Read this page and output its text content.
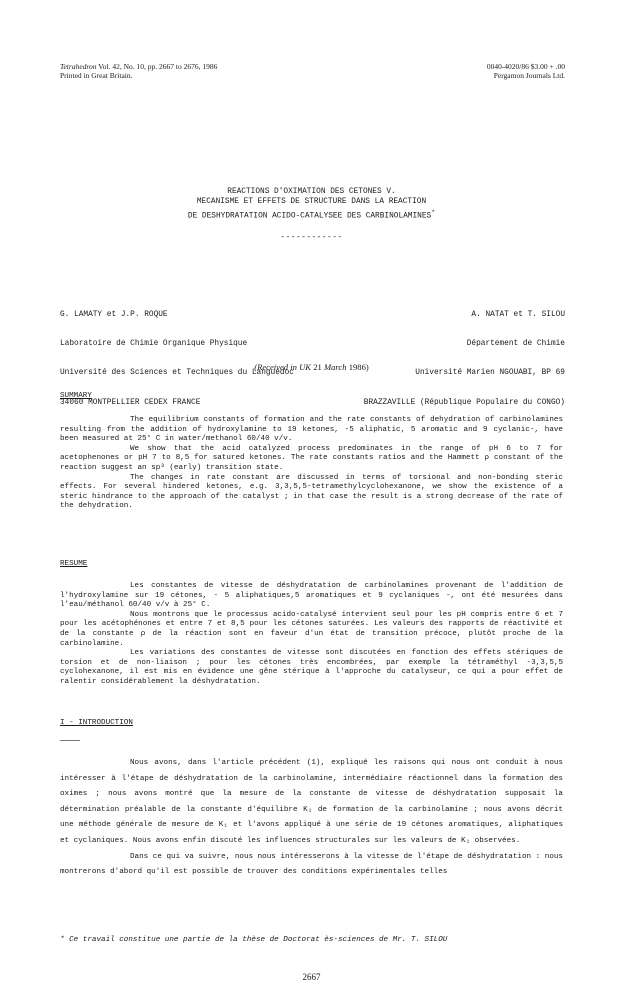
Tetrahedron Vol. 42, No. 10, pp. 2667 to 2676, 1986
Printed in Great Britain.
0040-4020/86 $3.00 + .00
Pergamon Journals Ltd.
REACTIONS D'OXIMATION DES CETONES V.
MECANISME ET EFFETS DE STRUCTURE DANS LA REACTION
DE DESHYDRATATION ACIDO-CATALYSEE DES CARBINOLAMINES*
------------

G. LAMATY et J.P. ROQUE

Laboratoire de Chimie Organique Physique

Université des Sciences et Techniques du Languedoc

34060 MONTPELLIER CEDEX FRANCE

A. NATAT et T. SILOU

Département de Chimie

Université Marien NGOUABI, BP 69

BRAZZAVILLE (République Populaire du CONGO)

(Received in UK 21 March 1986)
SUMMARY

The equilibrium constants of formation and the rate constants of dehydration of carbinolamines resulting from the addition of hydroxylamine to 19 ketones, -5 aliphatic, 5 aromatic and 9 cyclanic-, have been measured at 25° C in water/methanol 60/40 v/v.

We show that the acid catalyzed process predominates in the range of pH 6 to 7 for acetophenones or pH 7 to 8,5 for satured ketones. The rate constants ratios and the Hammett ρ constant of the reaction suggest an sp³ (early) transition state.

The changes in rate constant are discussed in terms of torsional and non-bonding steric effects. For several hindered ketones, e.g. 3,3,5,5-tetramethylcyclohexanone, we show the existence of a steric hindrance to the approach of the catalyst ; in that case the result is a strong decrease of the rate of the dehydration.

RESUME

Les constantes de vitesse de déshydratation de carbinolamines provenant de l'addition de l'hydroxylamine sur 19 cétones, - 5 aliphatiques,5 aromatiques et 9 cyclaniques -, ont été mesurées dans l'eau/méthanol 60/40 v/v à 25° C.

Nous montrons que le processus acido-catalysé intervient seul pour les pH compris entre 6 et 7 pour les acétophénones et entre 7 et 8,5 pour les cétones saturées. Les valeurs des rapports de réactivité et de la constante ρ de la réaction sont en faveur d'un état de transition précoce, plutôt proche de la carbinolamine.

Les variations des constantes de vitesse sont discutées en fonction des effets stériques de torsion et de non-liaison ; pour les cétones très encombrées, par exemple la tétraméthyl -3,3,5,5 cyclohexanone, il est mis en évidence une gêne stérique à l'approche du catalyseur, ce qui a pour effet de ralentir considérablement la déshydratation.

I - INTRODUCTION

Nous avons, dans l'article précédent (1), expliqué les raisons qui nous ont conduit à nous intéresser à l'étape de déshydratation de la carbinolamine, intermédiaire réactionnel dans la formation des oximes ; nous avons montré que la mesure de la constante de vitesse de déshydratation supposait la détermination préalable de la constante d'équilibre K₁ de formation de la carbinolamine ; nous avons décrit une méthode générale de mesure de K₁ et l'avons appliqué à une série de 19 cétones aromatiques, aliphatiques et cyclaniques. Nous avons enfin discuté les influences structurales sur les valeurs de K₁ observées.

Dans ce qui va suivre, nous nous intéresserons à la vitesse de l'étape de déshydratation : nous montrerons d'abord qu'il est possible de trouver des conditions expérimentales telles

* Ce travail constitue une partie de la thèse de Doctorat ès-sciences de Mr. T. SILOU
2667
